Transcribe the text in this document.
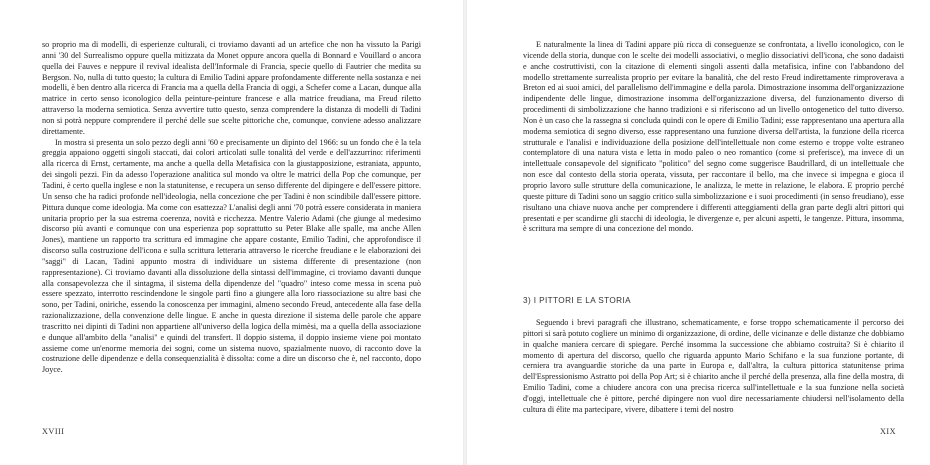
so proprio ma di modelli, di esperienze culturali, ci troviamo davanti ad un artefice che non ha vissuto la Parigi anni '30 del Surrealismo oppure quella mitizzata da Monet oppure ancora quella di Bonnard e Vouillard o ancora quella dei Fauves e neppure il revival idealista dell'Informale di Francia, specie quello di Fautrier che medita su Bergson. No, nulla di tutto questo; la cultura di Emilio Tadini appare profondamente differente nella sostanza e nei modelli, è ben dentro alla ricerca di Francia ma a quella della Francia di oggi, a Schefer come a Lacan, dunque alla matrice in certo senso iconologico della peinture-peinture francese e alla matrice freudiana, ma Freud riletto attraverso la moderna semiotica. Senza avvertire tutto questo, senza comprendere la distanza di modelli di Tadini non si potrà neppure comprendere il perché delle sue scelte pittoriche che, comunque, conviene adesso analizzare direttamente.

In mostra si presenta un solo pezzo degli anni '60 e precisamente un dipinto del 1966: su un fondo che è la tela greggia appaiono oggetti singoli staccati, dai colori articolati sulle tonalità del verde e dell'azzurrino: riferimenti alla ricerca di Ernst, certamente, ma anche a quella della Metafisica con la giustapposizione, estraniata, appunto, dei singoli pezzi. Fin da adesso l'operazione analitica sul mondo va oltre le matrici della Pop che comunque, per Tadini, è certo quella inglese e non la statunitense, e recupera un senso differente del dipingere e dell'essere pittore. Un senso che ha radici profonde nell'ideologia, nella concezione che per Tadini è non scindibile dall'essere pittore. Pittura dunque come ideologia. Ma come con esattezza? L'analisi degli anni '70 potrà essere considerata in maniera unitaria proprio per la sua estrema coerenza, novità e ricchezza. Mentre Valerio Adami (che giunge al medesimo discorso più avanti e comunque con una esperienza pop soprattutto su Peter Blake alle spalle, ma anche Allen Jones), mantiene un rapporto tra scrittura ed immagine che appare costante, Emilio Tadini, che approfondisce il discorso sulla costruzione dell'icona e sulla scrittura letteraria attraverso le ricerche freudiane e le elaborazioni dei "saggi" di Lacan, Tadini appunto mostra di individuare un sistema differente di presentazione (non rappresentazione). Ci troviamo davanti alla dissoluzione della sintassi dell'immagine, ci troviamo davanti dunque alla consapevolezza che il sintagma, il sistema della dipendenze del "quadro" inteso come messa in scena può essere spezzato, interrotto rescindendone le singole parti fino a giungere alla loro riassociazione su altre basi che sono, per Tadini, oniriche, essendo la conoscenza per immagini, almeno secondo Freud, antecedente alla fase della razionalizzazione, della convenzione delle lingue. E anche in questa direzione il sistema delle parole che appare trascritto nei dipinti di Tadini non appartiene all'universo della logica della mimèsi, ma a quella della associazione e dunque all'ambito della "analisi" e quindi del transfert. Il doppio sistema, il doppio insieme viene poi montato assieme come un'enorme memoria dei sogni, come un sistema nuovo, spazialmente nuovo, di racconto dove la costruzione delle dipendenze e della consequenzialità è dissolta: come a dire un discorso che è, nel racconto, dopo Joyce.

XVIII

E naturalmente la linea di Tadini appare più ricca di conseguenze se confrontata, a livello iconologico, con le vicende della storia, dunque con le scelte dei modelli associativi, o meglio dissociativi dell'icona, che sono dadaisti e anche costruttivisti, con la citazione di elementi singoli assenti dalla metafisica, infine con l'abbandono del modello strettamente surrealista proprio per evitare la banalità, che del resto Freud indirettamente rimproverava a Breton ed ai suoi amici, del parallelismo dell'immagine e della parola. Dimostrazione insomma dell'organizzazione indipendente delle lingue, dimostrazione insomma dell'organizzazione diversa, del funzionamento diverso di procedimenti di simbolizzazione che hanno tradizioni e si riferiscono ad un livello ontogenetico del tutto diverso. Non è un caso che la rassegna si concluda quindi con le opere di Emilio Tadini; esse rappresentano una apertura alla moderna semiotica di segno diverso, esse rappresentano una funzione diversa dell'artista, la funzione della ricerca strutturale e l'analisi e individuazione della posizione dell'intellettuale non come esterno e troppe volte estraneo contemplatore di una natura vista e letta in modo paleo o neo romantico (come si preferisce), ma invece di un intellettuale consapevole del significato "politico" del segno come suggerisce Baudrillard, di un intellettuale che non esce dal contesto della storia operata, vissuta, per raccontare il bello, ma che invece si impegna e gioca il proprio lavoro sulle strutture della comunicazione, le analizza, le mette in relazione, le elabora. E proprio perché queste pitture di Tadini sono un saggio critico sulla simbolizzazione e i suoi procedimenti (in senso freudiano), esse risultano una chiave nuova anche per comprendere i differenti atteggiamenti della gran parte degli altri pittori qui presentati e per scandirne gli stacchi di ideologia, le divergenze e, per alcuni aspetti, le tangenze. Pittura, insomma, è scrittura ma sempre di una concezione del mondo.

3) I PITTORI E LA STORIA

Seguendo i brevi paragrafi che illustrano, schematicamente, e forse troppo schematicamente il percorso dei pittori si sarà potuto cogliere un minimo di organizzazione, di ordine, delle vicinanze e delle distanze che dobbiamo in qualche maniera cercare di spiegare. Perché insomma la successione che abbiamo costruita? Si è chiarito il momento di apertura del discorso, quello che riguarda appunto Mario Schifano e la sua funzione portante, di cerniera tra avanguardie storiche da una parte in Europa e, dall'altra, la cultura pittorica statunitense prima dell'Espressionismo Astratto poi della Pop Art; si è chiarito anche il perché della presenza, alla fine della mostra, di Emilio Tadini, come a chiudere ancora con una precisa ricerca sull'intellettuale e la sua funzione nella società d'oggi, intellettuale che è pittore, perché dipingere non vuol dire necessariamente chiudersi nell'isolamento della cultura di élite ma partecipare, vivere, dibattere i temi del nostro

XIX
